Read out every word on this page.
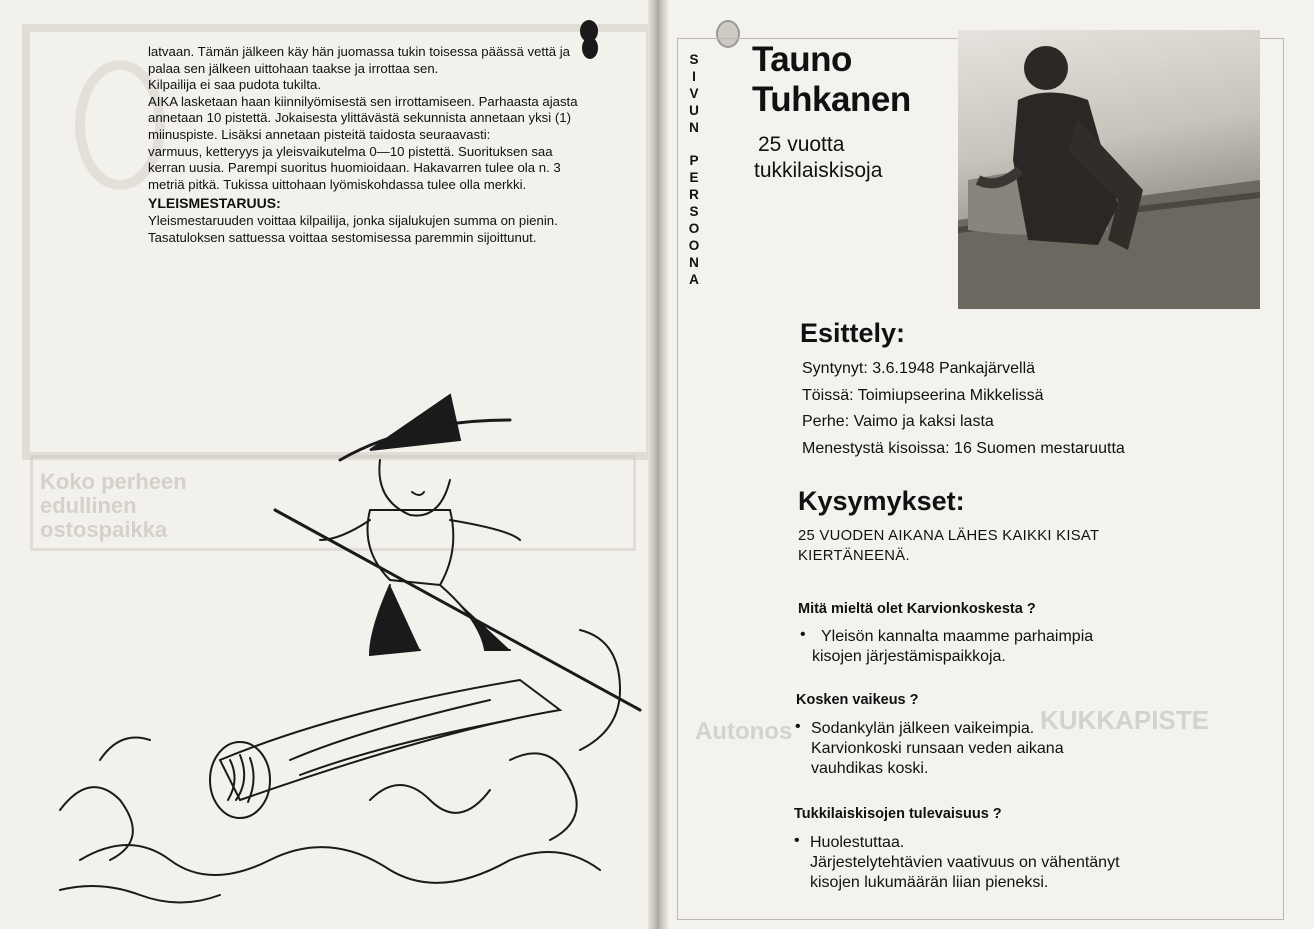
latvaan. Tämän jälkeen käy hän juomassa tukin toisessa päässä vettä ja palaa sen jälkeen uittohaan taakse ja irrottaa sen.

Kilpailija ei saa pudota tukilta.

AIKA lasketaan haan kiinnilyömisestä sen irrottamiseen. Parhaasta ajasta annetaan 10 pistettä. Jokaisesta ylittävästä sekunnista annetaan yksi (1) miinuspiste. Lisäksi annetaan pisteitä taidosta seuraavasti:

varmuus, ketteryys ja yleisvaikutelma 0—10 pistettä. Suorituksen saa kerran uusia. Parempi suoritus huomioidaan. Hakavarren tulee ola n. 3 metriä pitkä. Tukissa uittohaan lyömiskohdassa tulee olla merkki.

YLEISMESTARUUS:

Yleismestaruuden voittaa kilpailija, jonka sijalukujen summa on pienin. Tasatuloksen sattuessa voittaa sestomisessa paremmin sijoittunut.

Koko perheen
edullinen
ostospaikka
S
I
V
U
N

P
E
R
S
O
O
N
A
Tauno
Tuhkanen
25 vuotta
tukkilaiskisoja
Esittely:
Syntynyt: 3.6.1948 Pankajärvellä
Töissä: Toimiupseerina Mikkelissä
Perhe: Vaimo ja kaksi lasta
Menestystä kisoissa: 16 Suomen mestaruutta
Kysymykset:
25 VUODEN AIKANA LÄHES KAIKKI KISAT
KIERTÄNEENÄ.
Mitä mieltä olet Karvionkoskesta ?
• Yleisön kannalta maamme parhaimpia
kisojen järjestämispaikkoja.
Kosken vaikeus ?
• Sodankylän jälkeen vaikeimpia.
Karvionkoski runsaan veden aikana
vauhdikas koski.
Tukkilaiskisojen tulevaisuus ?
• Huolestuttaa.
Järjestelytehtävien vaativuus on vähentänyt
kisojen lukumäärän liian pieneksi.
KUKKAPISTE
Autonos
